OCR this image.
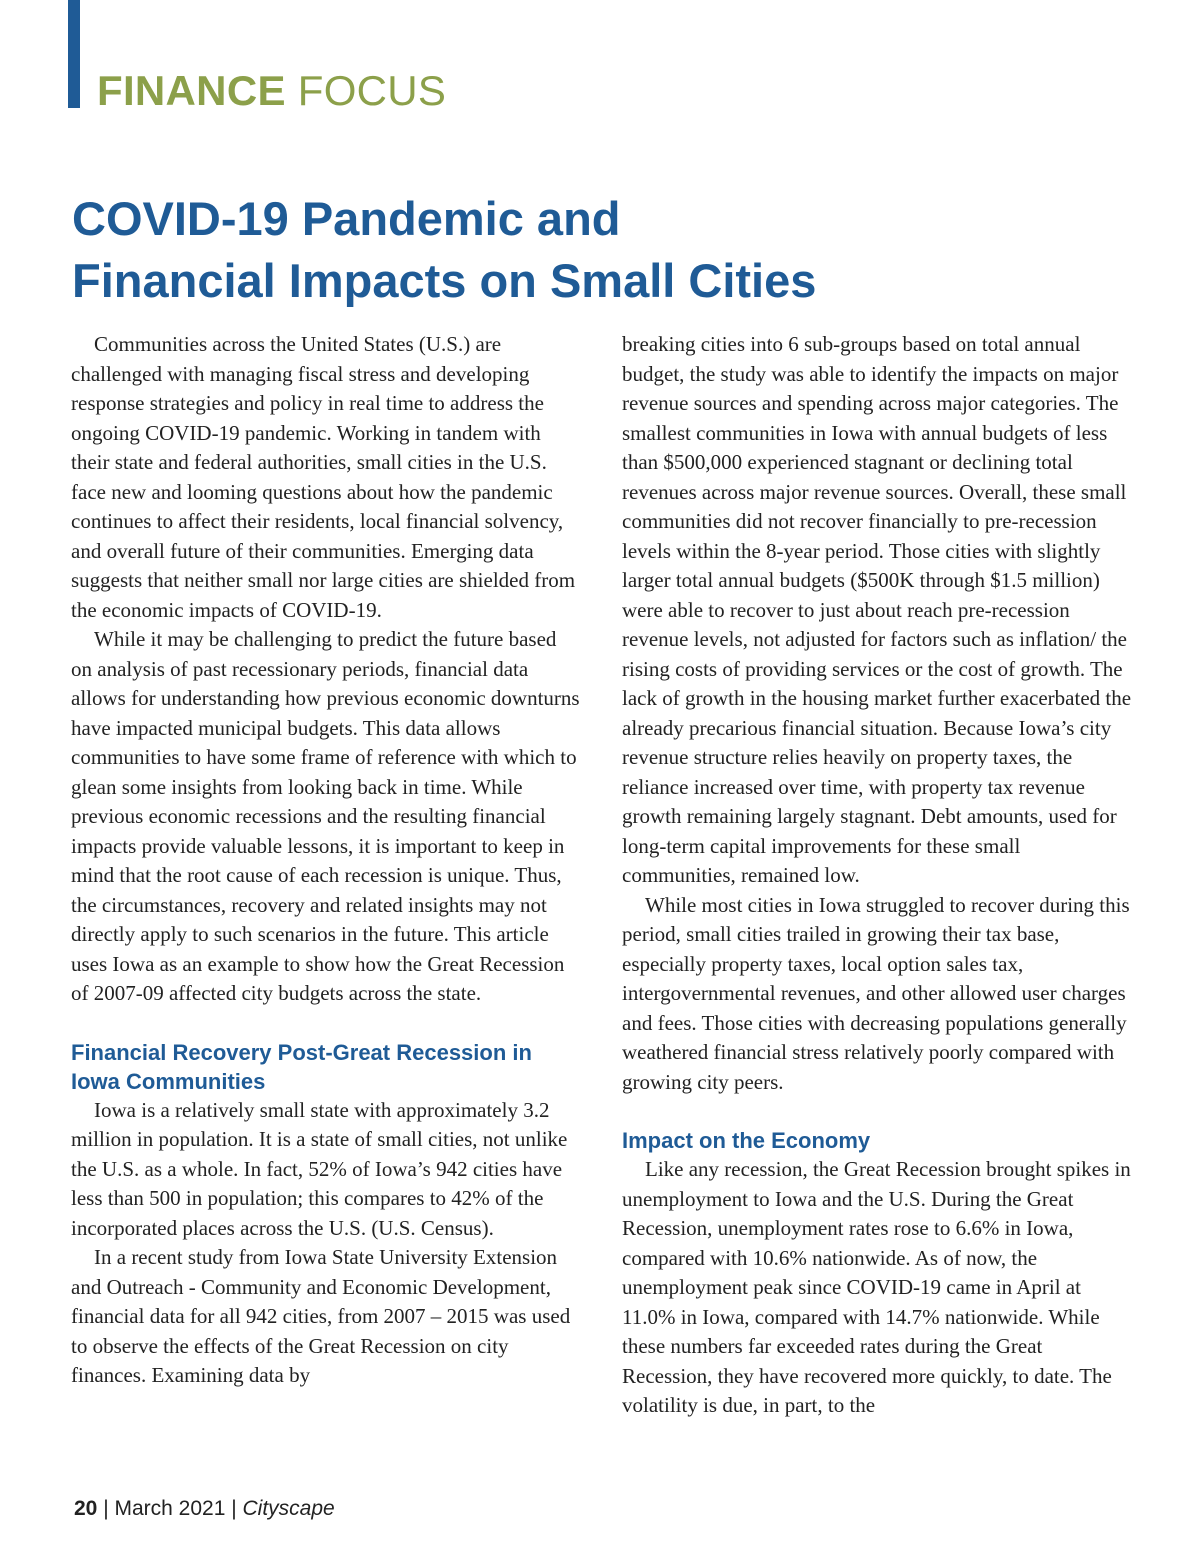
FINANCE FOCUS
COVID-19 Pandemic and
Financial Impacts on Small Cities

Communities across the United States (U.S.) are challenged with managing fiscal stress and developing response strategies and policy in real time to address the ongoing COVID-19 pandemic. Working in tandem with their state and federal authorities, small cities in the U.S. face new and looming questions about how the pandemic continues to affect their residents, local financial solvency, and overall future of their communities. Emerging data suggests that neither small nor large cities are shielded from the economic impacts of COVID-19.

While it may be challenging to predict the future based on analysis of past recessionary periods, financial data allows for understanding how previous economic downturns have impacted municipal budgets. This data allows communities to have some frame of reference with which to glean some insights from looking back in time. While previous economic recessions and the resulting financial impacts provide valuable lessons, it is important to keep in mind that the root cause of each recession is unique. Thus, the circumstances, recovery and related insights may not directly apply to such scenarios in the future. This article uses Iowa as an example to show how the Great Recession of 2007-09 affected city budgets across the state.

Financial Recovery Post-Great Recession in Iowa Communities

Iowa is a relatively small state with approximately 3.2 million in population. It is a state of small cities, not unlike the U.S. as a whole. In fact, 52% of Iowa’s 942 cities have less than 500 in population; this compares to 42% of the incorporated places across the U.S. (U.S. Census).

In a recent study from Iowa State University Extension and Outreach - Community and Economic Development, financial data for all 942 cities, from 2007 – 2015 was used to observe the effects of the Great Recession on city finances. Examining data by

breaking cities into 6 sub-groups based on total annual budget, the study was able to identify the impacts on major revenue sources and spending across major categories. The smallest communities in Iowa with annual budgets of less than $500,000 experienced stagnant or declining total revenues across major revenue sources. Overall, these small communities did not recover financially to pre-recession levels within the 8-year period. Those cities with slightly larger total annual budgets ($500K through $1.5 million) were able to recover to just about reach pre-recession revenue levels, not adjusted for factors such as inflation/ the rising costs of providing services or the cost of growth. The lack of growth in the housing market further exacerbated the already precarious financial situation. Because Iowa’s city revenue structure relies heavily on property taxes, the reliance increased over time, with property tax revenue growth remaining largely stagnant. Debt amounts, used for long-term capital improvements for these small communities, remained low.

While most cities in Iowa struggled to recover during this period, small cities trailed in growing their tax base, especially property taxes, local option sales tax, intergovernmental revenues, and other allowed user charges and fees. Those cities with decreasing populations generally weathered financial stress relatively poorly compared with growing city peers.

Impact on the Economy

Like any recession, the Great Recession brought spikes in unemployment to Iowa and the U.S. During the Great Recession, unemployment rates rose to 6.6% in Iowa, compared with 10.6% nationwide. As of now, the unemployment peak since COVID-19 came in April at 11.0% in Iowa, compared with 14.7% nationwide. While these numbers far exceeded rates during the Great Recession, they have recovered more quickly, to date. The volatility is due, in part, to the

20 | March 2021 | Cityscape
